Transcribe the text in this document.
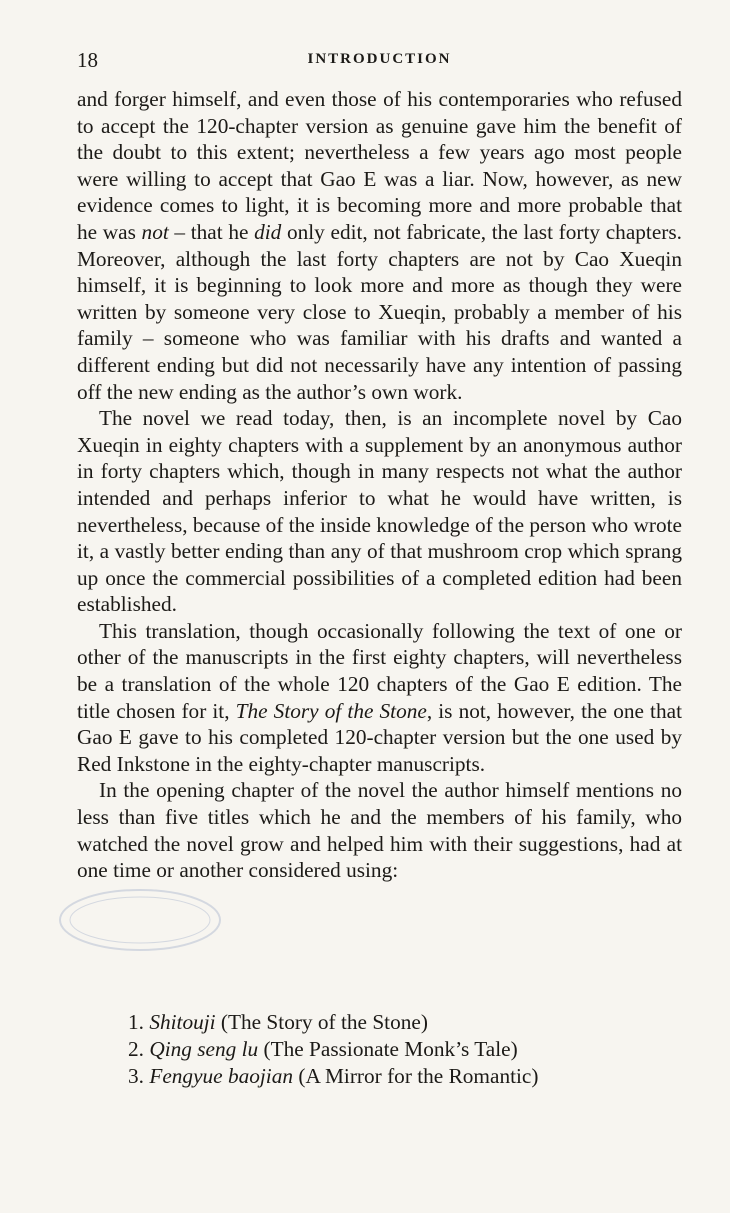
18	INTRODUCTION

and forger himself, and even those of his contemporaries who refused to accept the 120-chapter version as genuine gave him the benefit of the doubt to this extent; nevertheless a few years ago most people were willing to accept that Gao E was a liar. Now, however, as new evidence comes to light, it is becoming more and more probable that he was not – that he did only edit, not fabricate, the last forty chapters. Moreover, although the last forty chapters are not by Cao Xueqin himself, it is beginning to look more and more as though they were written by someone very close to Xueqin, probably a member of his family – someone who was familiar with his drafts and wanted a different ending but did not necessarily have any intention of passing off the new ending as the author’s own work.

The novel we read today, then, is an incomplete novel by Cao Xueqin in eighty chapters with a supplement by an anonymous author in forty chapters which, though in many respects not what the author intended and perhaps inferior to what he would have written, is nevertheless, because of the inside knowledge of the person who wrote it, a vastly better ending than any of that mushroom crop which sprang up once the commercial possibilities of a completed edition had been established.

This translation, though occasionally following the text of one or other of the manuscripts in the first eighty chapters, will nevertheless be a translation of the whole 120 chapters of the Gao E edition. The title chosen for it, The Story of the Stone, is not, however, the one that Gao E gave to his completed 120-chapter version but the one used by Red Inkstone in the eighty-chapter manuscripts.

In the opening chapter of the novel the author himself mentions no less than five titles which he and the members of his family, who watched the novel grow and helped him with their suggestions, had at one time or another considered using:

1. Shitouji (The Story of the Stone)
2. Qing seng lu (The Passionate Monk’s Tale)
3. Fengyue baojian (A Mirror for the Romantic)
